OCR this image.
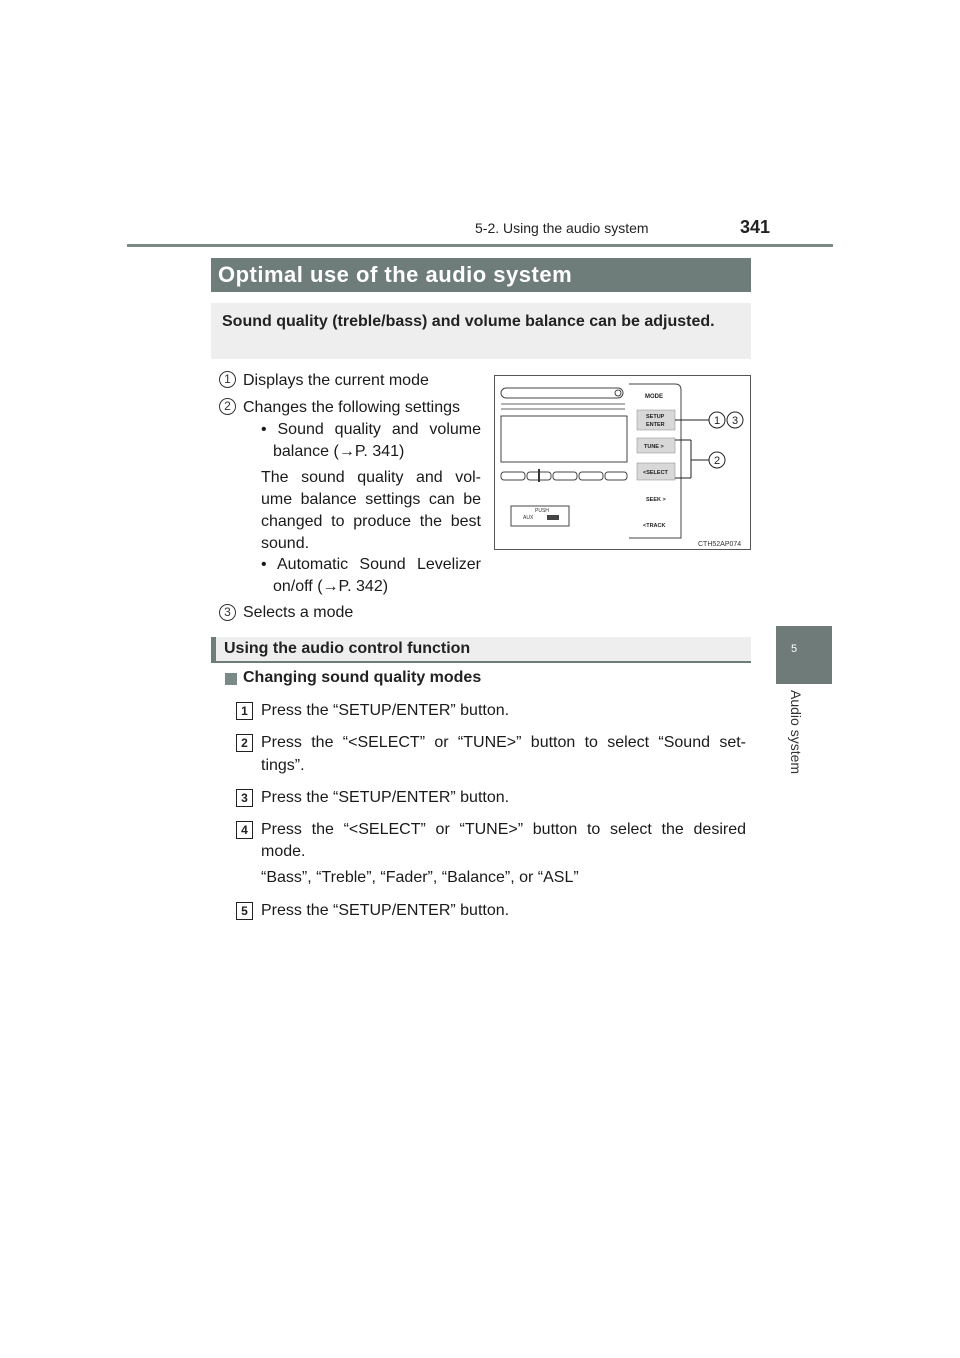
5-2. Using the audio system	341
5
Audio system
Optimal use of the audio system
Sound quality (treble/bass) and volume balance can be adjusted.
1 Displays the current mode
2 Changes the following settings
• Sound quality and volume
balance (→P. 341)
The sound quality and vol-
ume balance settings can be
changed to produce the best
sound.
• Automatic Sound Levelizer
on/off (→P. 342)
3 Selects a mode
PUSH
AUX
MODE
SETUP
ENTER
TUNE >
<SELECT
SEEK >
<TRACK
1 3
2
CTH52AP074
Using the audio control function
Changing sound quality modes
1 Press the “SETUP/ENTER” button.
2 Press the “<SELECT” or “TUNE>” button to select “Sound set-
tings”.
3 Press the “SETUP/ENTER” button.
4 Press the “<SELECT” or “TUNE>” button to select the desired
mode.
“Bass”, “Treble”, “Fader”, “Balance”, or “ASL”
5 Press the “SETUP/ENTER” button.
